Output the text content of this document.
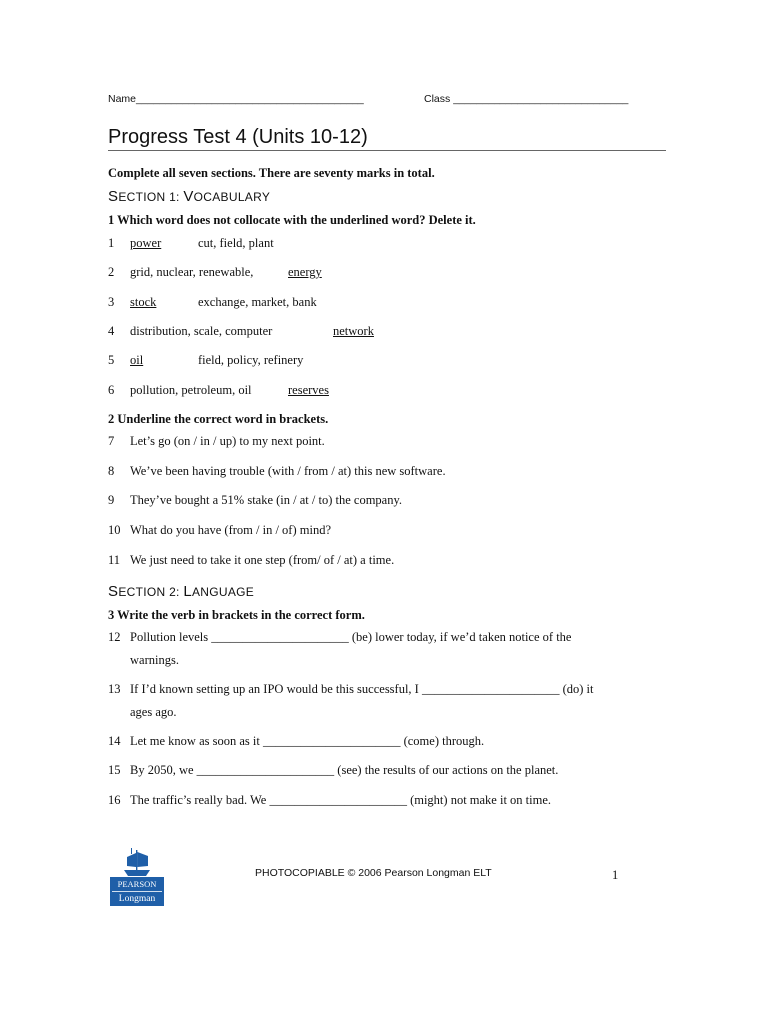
Name_______________________________________	Class ______________________________
Progress Test 4 (Units 10-12)
Complete all seven sections. There are seventy marks in total.
SECTION 1: VOCABULARY
1 Which word does not collocate with the underlined word? Delete it.
1 power	cut, field, plant
2 grid, nuclear, renewable,	energy
3 stock	exchange, market, bank
4 distribution, scale, computer	network
5 oil	field, policy, refinery
6 pollution, petroleum, oil	reserves
2 Underline the correct word in brackets.
7 Let’s go (on / in / up) to my next point.
8 We’ve been having trouble (with / from / at) this new software.
9 They’ve bought a 51% stake (in / at / to) the company.
10 What do you have (from / in / of) mind?
11 We just need to take it one step (from/ of / at) a time.
SECTION 2: LANGUAGE
3 Write the verb in brackets in the correct form.
12 Pollution levels ______________________ (be) lower today, if we’d taken notice of the
warnings.
13 If I’d known setting up an IPO would be this successful, I ______________________ (do) it
ages ago.
14 Let me know as soon as it ______________________ (come) through.
15 By 2050, we ______________________ (see) the results of our actions on the planet.
16 The traffic’s really bad. We ______________________ (might) not make it on time.
PEARSON
Longman
PHOTOCOPIABLE © 2006 Pearson Longman ELT	1
